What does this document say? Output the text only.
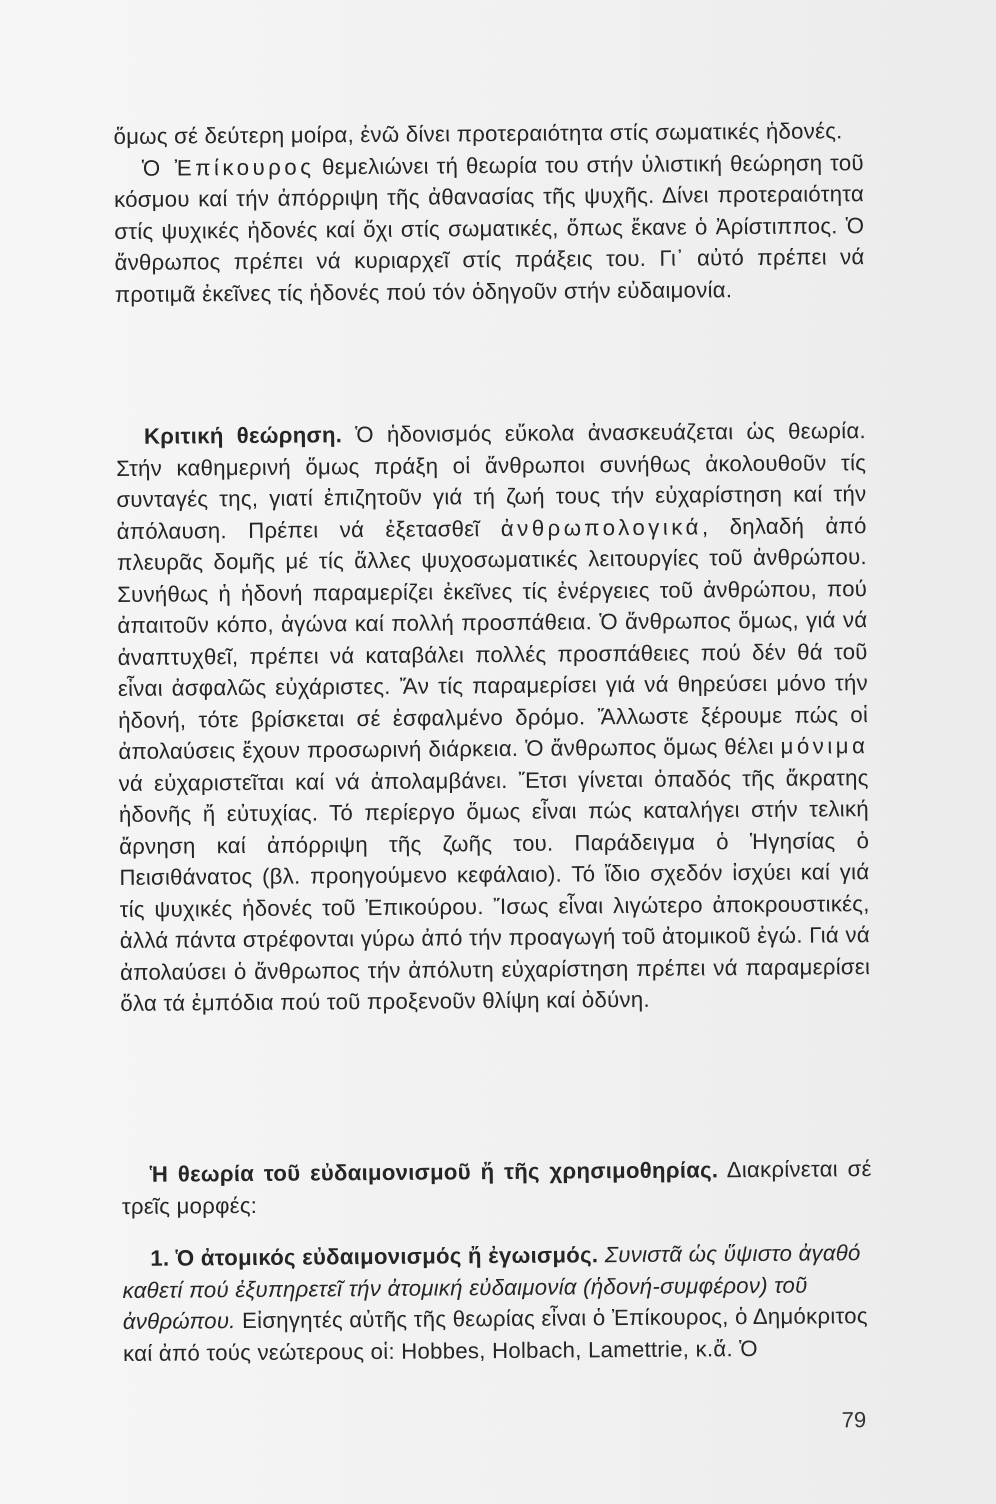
ὅμως σέ δεύτερη μοίρα, ἐνῶ δίνει προτεραιότητα στίς σωματικές ἡδονές.

Ὁ Ἐπίκουρος θεμελιώνει τή θεωρία του στήν ὑλιστική θεώρηση τοῦ κόσμου καί τήν ἀπόρριψη τῆς ἀθανασίας τῆς ψυχῆς. Δίνει προτεραιότητα στίς ψυχικές ἡδονές καί ὄχι στίς σωματικές, ὅπως ἔκανε ὁ Ἀρίστιππος. Ὁ ἄνθρωπος πρέπει νά κυριαρχεῖ στίς πράξεις του. Γι᾽ αὐτό πρέπει νά προτιμᾶ ἐκεῖνες τίς ἡδονές πού τόν ὁδηγοῦν στήν εὐδαιμονία.

Κριτική θεώρηση. Ὁ ἡδονισμός εὔκολα ἀνασκευάζεται ὡς θεωρία. Στήν καθημερινή ὅμως πράξη οἱ ἄνθρωποι συνήθως ἀκολουθοῦν τίς συνταγές της, γιατί ἐπιζητοῦν γιά τή ζωή τους τήν εὐχαρίστηση καί τήν ἀπόλαυση. Πρέπει νά ἐξετασθεῖ ἀνθρωπολογικά, δηλαδή ἀπό πλευρᾶς δομῆς μέ τίς ἄλλες ψυχοσωματικές λειτουργίες τοῦ ἀνθρώπου. Συνήθως ἡ ἡδονή παραμερίζει ἐκεῖνες τίς ἐνέργειες τοῦ ἀνθρώπου, πού ἀπαιτοῦν κόπο, ἀγώνα καί πολλή προσπάθεια. Ὁ ἄνθρωπος ὅμως, γιά νά ἀναπτυχθεῖ, πρέπει νά καταβάλει πολλές προσπάθειες πού δέν θά τοῦ εἶναι ἀσφαλῶς εὐχάριστες. Ἄν τίς παραμερίσει γιά νά θηρεύσει μόνο τήν ἡδονή, τότε βρίσκεται σέ ἐσφαλμένο δρόμο. Ἄλλωστε ξέρουμε πώς οἱ ἀπολαύσεις ἔχουν προσωρινή διάρκεια. Ὁ ἄνθρωπος ὅμως θέλει μόνιμα νά εὐχαριστεῖται καί νά ἀπολαμβάνει. Ἔτσι γίνεται ὀπαδός τῆς ἄκρατης ἡδονῆς ἤ εὐτυχίας. Τό περίεργο ὅμως εἶναι πώς καταλήγει στήν τελική ἄρνηση καί ἀπόρριψη τῆς ζωῆς του. Παράδειγμα ὁ Ἡγησίας ὁ Πεισιθάνατος (βλ. προηγούμενο κεφάλαιο). Τό ἴδιο σχεδόν ἰσχύει καί γιά τίς ψυχικές ἡδονές τοῦ Ἐπικούρου. Ἴσως εἶναι λιγώτερο ἀποκρουστικές, ἀλλά πάντα στρέφονται γύρω ἀπό τήν προαγωγή τοῦ ἀτομικοῦ ἐγώ. Γιά νά ἀπολαύσει ὁ ἄνθρωπος τήν ἀπόλυτη εὐχαρίστηση πρέπει νά παραμερίσει ὅλα τά ἐμπόδια πού τοῦ προξενοῦν θλίψη καί ὀδύνη.

Ἡ θεωρία τοῦ εὐδαιμονισμοῦ ἤ τῆς χρησιμοθηρίας. Διακρίνεται σέ τρεῖς μορφές:

1. Ὁ ἀτομικός εὐδαιμονισμός ἤ ἐγωισμός. Συνιστᾶ ὡς ὕψιστο ἀγαθό καθετί πού ἐξυπηρετεῖ τήν ἀτομική εὐδαιμονία (ἡδονή-συμφέρον) τοῦ ἀνθρώπου. Εἰσηγητές αὐτῆς τῆς θεωρίας εἶναι ὁ Ἐπίκουρος, ὁ Δημόκριτος καί ἀπό τούς νεώτερους οἱ: Hobbes, Holbach, Lamettrie, κ.ἄ. Ὁ

79
